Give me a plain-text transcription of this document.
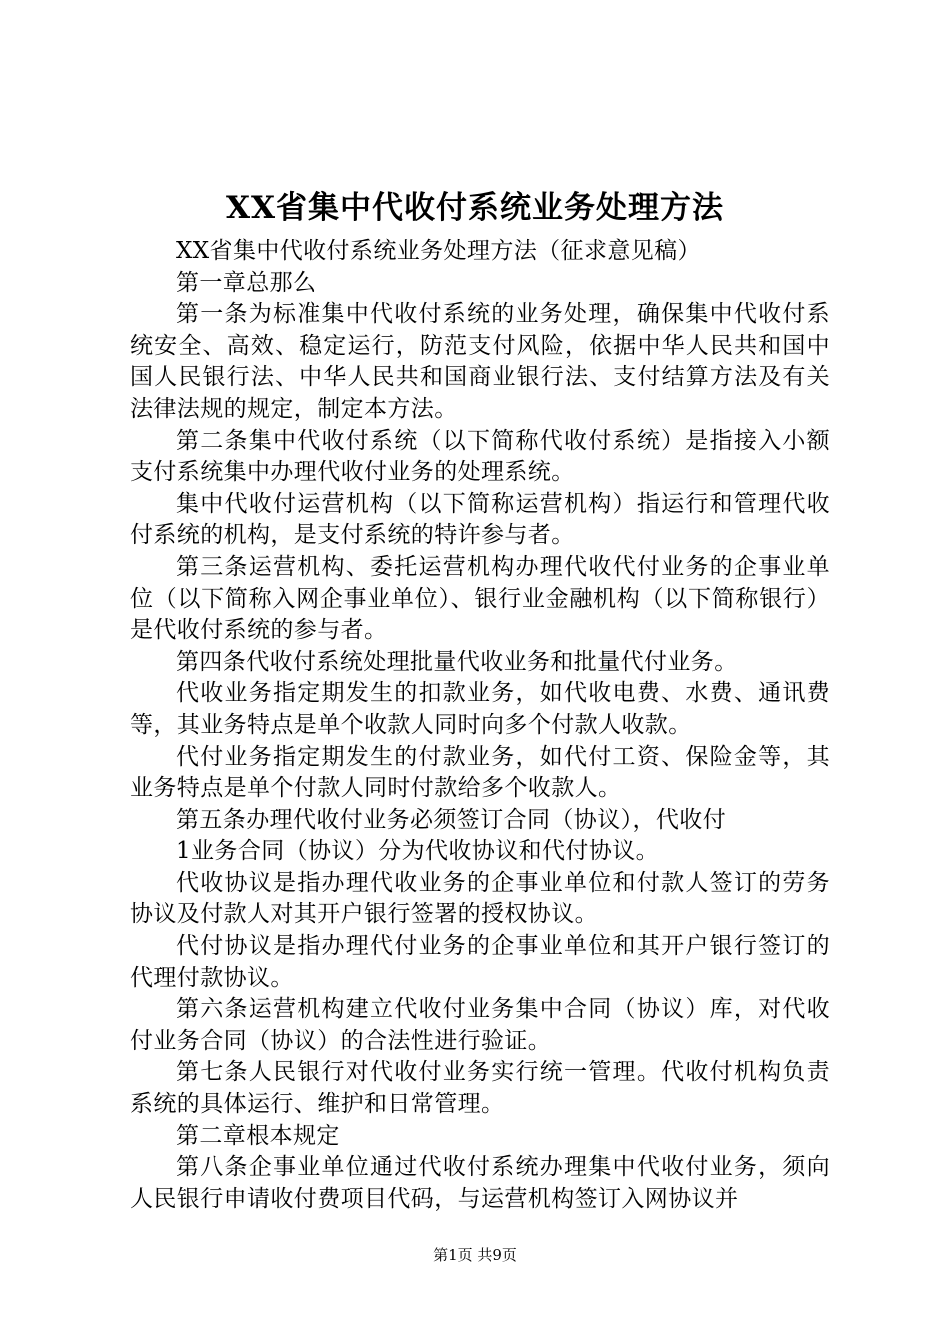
XX省集中代收付系统业务处理方法

XX省集中代收付系统业务处理方法（征求意见稿）

第一章总那么

第一条为标准集中代收付系统的业务处理，确保集中代收付系统安全、高效、稳定运行，防范支付风险，依据中华人民共和国中国人民银行法、中华人民共和国商业银行法、支付结算方法及有关法律法规的规定，制定本方法。

第二条集中代收付系统（以下简称代收付系统）是指接入小额支付系统集中办理代收付业务的处理系统。

集中代收付运营机构（以下简称运营机构）指运行和管理代收付系统的机构，是支付系统的特许参与者。

第三条运营机构、委托运营机构办理代收代付业务的企事业单位（以下简称入网企事业单位）、银行业金融机构（以下简称银行）是代收付系统的参与者。

第四条代收付系统处理批量代收业务和批量代付业务。

代收业务指定期发生的扣款业务，如代收电费、水费、通讯费等，其业务特点是单个收款人同时向多个付款人收款。

代付业务指定期发生的付款业务，如代付工资、保险金等，其业务特点是单个付款人同时付款给多个收款人。

第五条办理代收付业务必须签订合同（协议），代收付

1业务合同（协议）分为代收协议和代付协议。

代收协议是指办理代收业务的企事业单位和付款人签订的劳务协议及付款人对其开户银行签署的授权协议。

代付协议是指办理代付业务的企事业单位和其开户银行签订的代理付款协议。

第六条运营机构建立代收付业务集中合同（协议）库，对代收付业务合同（协议）的合法性进行验证。

第七条人民银行对代收付业务实行统一管理。代收付机构负责系统的具体运行、维护和日常管理。

第二章根本规定

第八条企事业单位通过代收付系统办理集中代收付业务，须向人民银行申请收付费项目代码，与运营机构签订入网协议并

第1页 共9页
